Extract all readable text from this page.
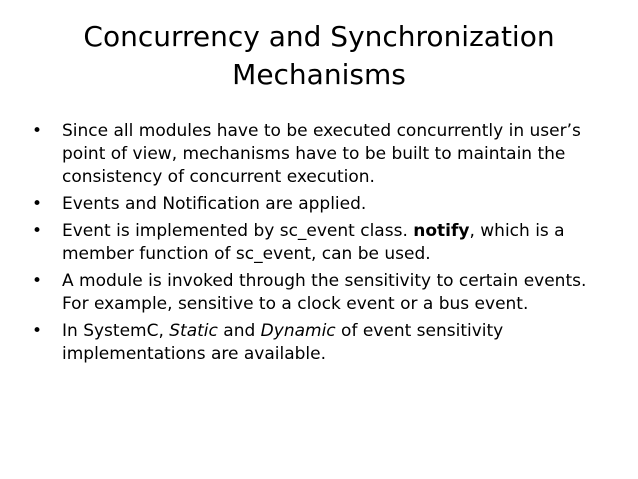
Concurrency and Synchronization
Mechanisms
•	Since all modules have to be executed concurrently in user’s point of view, mechanisms have to be built to maintain the consistency of concurrent execution.
•	Events and Notification are applied.
•	Event is implemented by sc_event class. notify, which is a member function of sc_event, can be used.
•	A module is invoked through the sensitivity to certain events. For example, sensitive to a clock event or a bus event.
•	In SystemC, Static and Dynamic of event sensitivity implementations are available.
